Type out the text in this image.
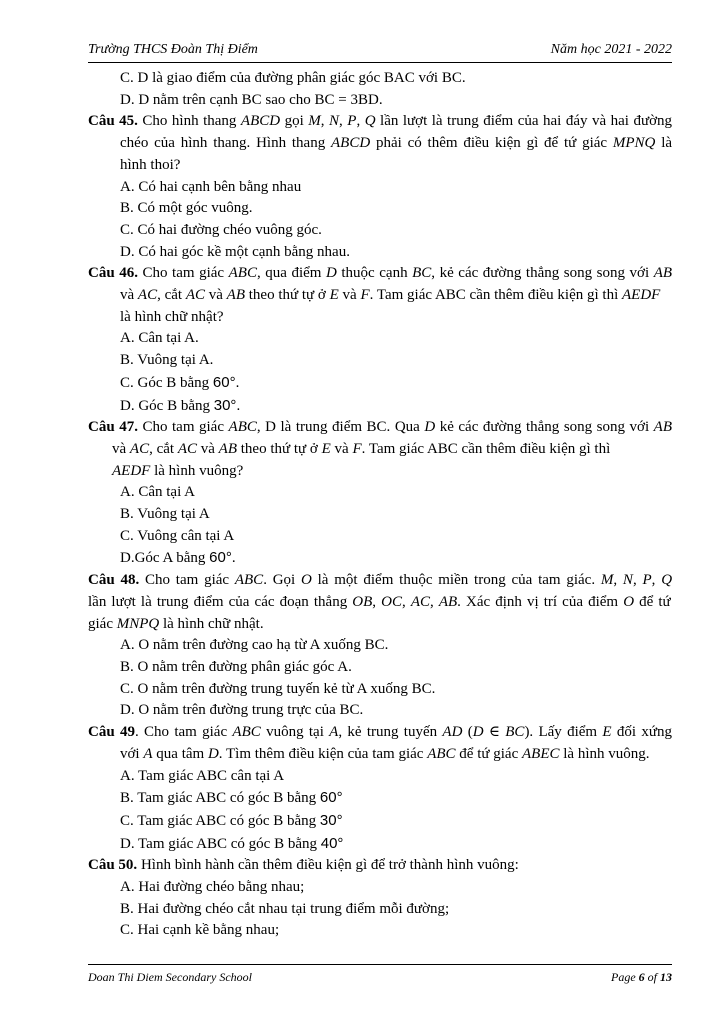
Trường THCS Đoàn Thị Điểm	Năm học 2021 - 2022
C. D là giao điểm của đường phân giác góc BAC với BC.
D. D nằm trên cạnh BC sao cho BC = 3BD.
Câu 45. Cho hình thang ABCD gọi M, N, P, Q lần lượt là trung điểm của hai đáy và hai đường
chéo của hình thang. Hình thang ABCD phải có thêm điều kiện gì để tứ giác MPNQ là
hình thoi?
A. Có hai cạnh bên bằng nhau
B. Có một góc vuông.
C. Có hai đường chéo vuông góc.
D. Có hai góc kề một cạnh bằng nhau.
Câu 46. Cho tam giác ABC, qua điểm D thuộc cạnh BC, kẻ các đường thẳng song song với AB
và AC, cắt AC và AB theo thứ tự ở E và F. Tam giác ABC cần thêm điều kiện gì thì AEDF
là hình chữ nhật?
A. Cân tại A.
B. Vuông tại A.
C. Góc B bằng 60°.
D. Góc B bằng 30°.
Câu 47. Cho tam giác ABC, D là trung điểm BC. Qua D kẻ các đường thẳng song song với AB
và AC, cắt AC và AB theo thứ tự ở E và F. Tam giác ABC cần thêm điều kiện gì thì
AEDF là hình vuông?
A. Cân tại A
B. Vuông tại A
C. Vuông cân tại A
D.Góc A bằng 60°.
Câu 48. Cho tam giác ABC. Gọi O là một điểm thuộc miền trong của tam giác. M, N, P, Q
lần lượt là trung điểm của các đoạn thẳng OB, OC, AC, AB. Xác định vị trí của điểm O để tứ
giác MNPQ là hình chữ nhật.
A. O nằm trên đường cao hạ từ A xuống BC.
B. O nằm trên đường phân giác góc A.
C. O nằm trên đường trung tuyến kẻ từ A xuống BC.
D. O nằm trên đường trung trực của BC.
Câu 49. Cho tam giác ABC vuông tại A, kẻ trung tuyến AD (D ∈ BC). Lấy điểm E đối xứng
với A qua tâm D. Tìm thêm điều kiện của tam giác ABC để tứ giác ABEC là hình vuông.
A. Tam giác ABC cân tại A
B. Tam giác ABC có góc B bằng 60°
C. Tam giác ABC có góc B bằng 30°
D. Tam giác ABC có góc B bằng 40°
Câu 50. Hình bình hành cần thêm điều kiện gì để trở thành hình vuông:
A. Hai đường chéo bằng nhau;
B. Hai đường chéo cắt nhau tại trung điểm mỗi đường;
C. Hai cạnh kề bằng nhau;
Doan Thi Diem Secondary School	Page 6 of 13
